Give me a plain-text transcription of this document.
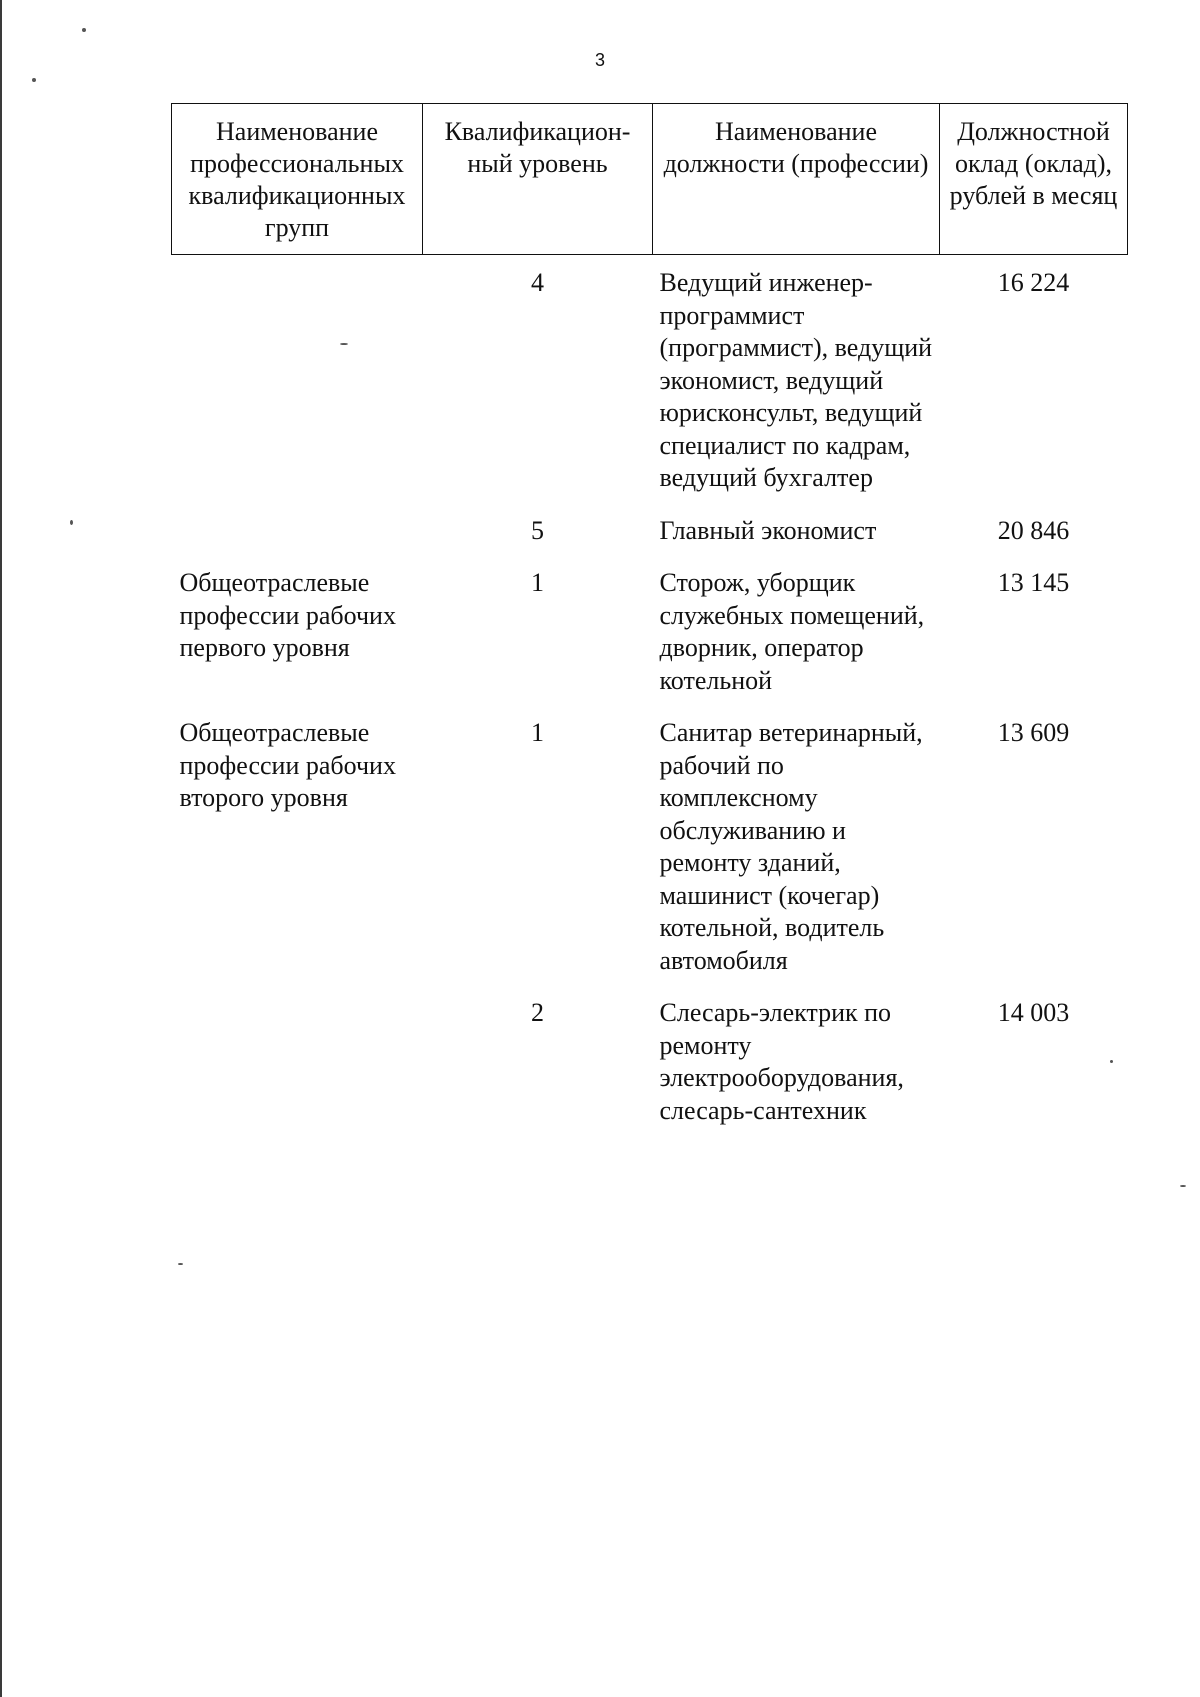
3
Наименование профессиональных квалификационных групп	Квалификацион-ный уровень	Наименование должности (профессии)	Должностной оклад (оклад), рублей в месяц
	4	Ведущий инженер-программист (программист), ведущий экономист, ведущий юрисконсульт, ведущий специалист по кадрам, ведущий бухгалтер	16 224
	5	Главный экономист	20 846
Общеотраслевые профессии рабочих первого уровня	1	Сторож, уборщик служебных помещений, дворник, оператор котельной	13 145
Общеотраслевые профессии рабочих второго уровня	1	Санитар ветеринарный, рабочий по комплексному обслуживанию и ремонту зданий, машинист (кочегар) котельной, водитель автомобиля	13 609
	2	Слесарь-электрик по ремонту электрооборудования, слесарь-сантехник	14 003
